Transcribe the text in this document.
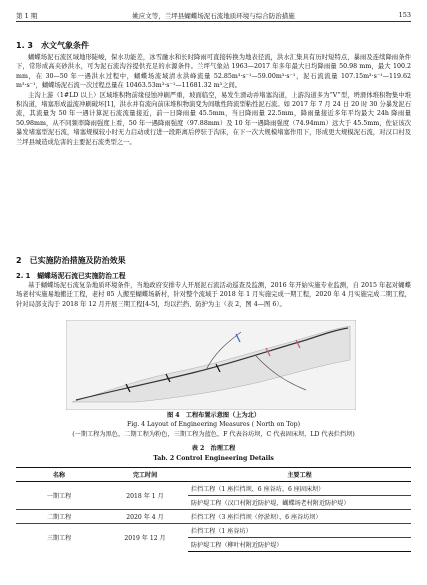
第 1 期	姚应文等，兰坪县蝴蝶场泥石流地质环境与综合防治措施	153
1. 3　水文气象条件

蝴蝶场泥石流区域地形陡峻，保水功能差，冰雪融水和长时降雨可直接转换为地表径流，洪水汇集具有历时短特点，暴雨及连续降雨条件下，常形成高夹砂洪水，可为泥石流沟谷提供充足的水源条件。兰坪气象站 1963—2017 年多年最大日均降雨量 50.98 mm，最大 100.2 mm，在 30—50 年一遇洪水过程中，蝴蝶场流域清水洪峰流量 52.85m³·s⁻¹—59.00m³·s⁻¹，泥石流流量 107.15m³·s⁻¹—119.62 m³·s⁻¹，蝴蝶场泥石流一次过程总量在 10463.53m³·s⁻¹—11681.32 m³之间。

主沟上游（1#LD 以上）区域堆积物前缘侵蚀冲刷严重，坡面临空，易发生滑动并堵塞沟道，上游沟道多为“V”型，坍滑体堆积物集中堆积沟道，堵塞形成溢流冲刷破坏[1]，洪水并有流向前床堆积物演变为间歇性阵流型粘性泥石流。如 2017 年 7 月 24 日 20 时 30 分暴发泥石流，其流量为 50 年一遇计算泥石流流量接近，前一日降雨量 45.5mm，当日降雨量 22.5mm，降雨量接近多年平均最大 24h 降雨量 50.98mm，从不同频率降雨强度上看，50 年一遇降雨强度（97.88mm）及 10 年一遇降雨强度（74.94mm）远大于 45.5mm，佐证该次暴发堵塞型泥石流，堵塞规模较小时无力启动或行进一段距离后停驻于沟床，在下一次大规模堵塞作用下，形成更大规模泥石流，对汉口村及兰坪县城造成危害的主要泥石流类型之一。

2　已实施防治措施及防治效果
2. 1　蝴蝶场泥石流已实施防治工程

基于蝴蝶场泥石流复杂地质环境条件，当地政府安排专人开展泥石流活动巡查及监测，2016 年开始实施专业监测，自 2015 年起对蝴蝶场老村实施易地搬迁工程，老村 85 人搬至蝴蝶场新村，针对整个流域于 2018 年 1 月实施完成一期工程，2020 年 4 月实施完成二期工程，针对局部支沟于 2018 年 12 月开展三期工程[4-5]，均以拦挡、防护为主（表 2，图 4—图 6）。

图 4　工程布置示意图（上为北）
Fig. 4 Layout of Engineering Measures ( North on Top)
(一期工程为黑色，二期工程为粉色，三期工程为蓝色，F 代表谷坊坝，C 代表固床坝，LD 代表拦挡坝)
表 2　治理工程
Tab. 2 Control Engineering Details
名称	完工时间	主要工程
一期工程	2018 年 1 月	拦挡工程（1 座拦挡坝、6 座谷坊、6 座固床坝）
		防护堤工程（汉口村附近防护堤、蝴蝶场老村附近防护堤）
二期工程	2020 年 4 月	拦挡工程（3 座拦挡坝（停淤坝）、6 座谷坊坝）
三期工程	2019 年 12 月	拦挡工程（1 座谷坊）
		防护堤工程（柳叶村附近防护堤）
